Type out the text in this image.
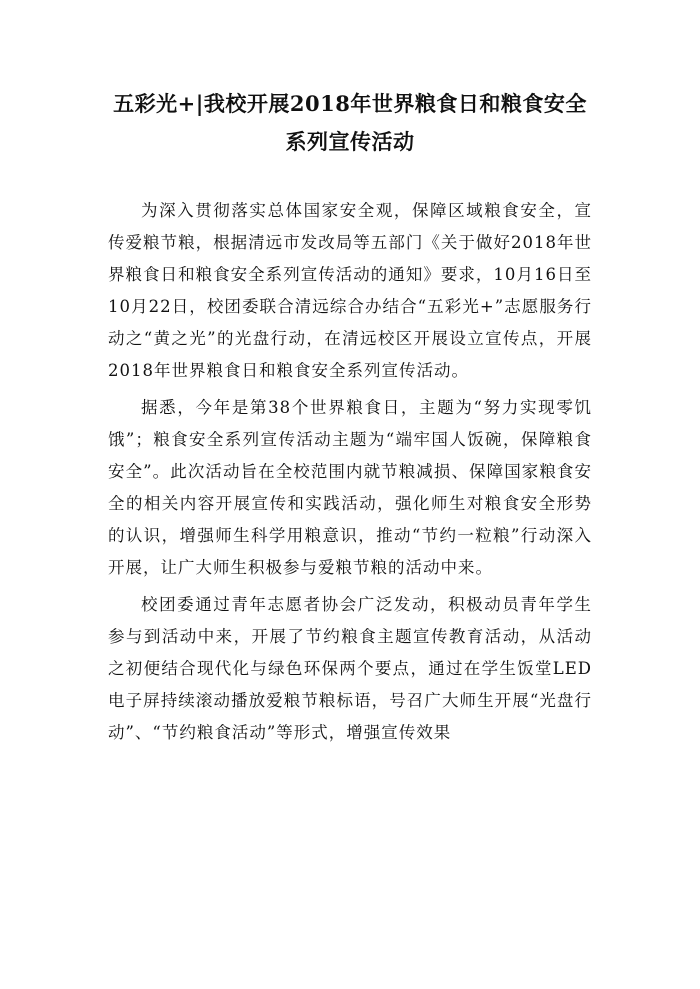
五彩光+|我校开展2018年世界粮食日和粮食安全
系列宣传活动

为深入贯彻落实总体国家安全观，保障区域粮食安全，宣传爱粮节粮，根据清远市发改局等五部门《关于做好2018年世界粮食日和粮食安全系列宣传活动的通知》要求，10月16日至10月22日，校团委联合清远综合办结合“五彩光+”志愿服务行动之“黄之光”的光盘行动，在清远校区开展设立宣传点，开展2018年世界粮食日和粮食安全系列宣传活动。

据悉，今年是第38个世界粮食日，主题为“努力实现零饥饿”；粮食安全系列宣传活动主题为“端牢国人饭碗，保障粮食安全”。此次活动旨在全校范围内就节粮减损、保障国家粮食安全的相关内容开展宣传和实践活动，强化师生对粮食安全形势的认识，增强师生科学用粮意识，推动“节约一粒粮”行动深入开展，让广大师生积极参与爱粮节粮的活动中来。

校团委通过青年志愿者协会广泛发动，积极动员青年学生参与到活动中来，开展了节约粮食主题宣传教育活动，从活动之初便结合现代化与绿色环保两个要点，通过在学生饭堂LED电子屏持续滚动播放爱粮节粮标语，号召广大师生开展“光盘行动”、“节约粮食活动”等形式，增强宣传效果
